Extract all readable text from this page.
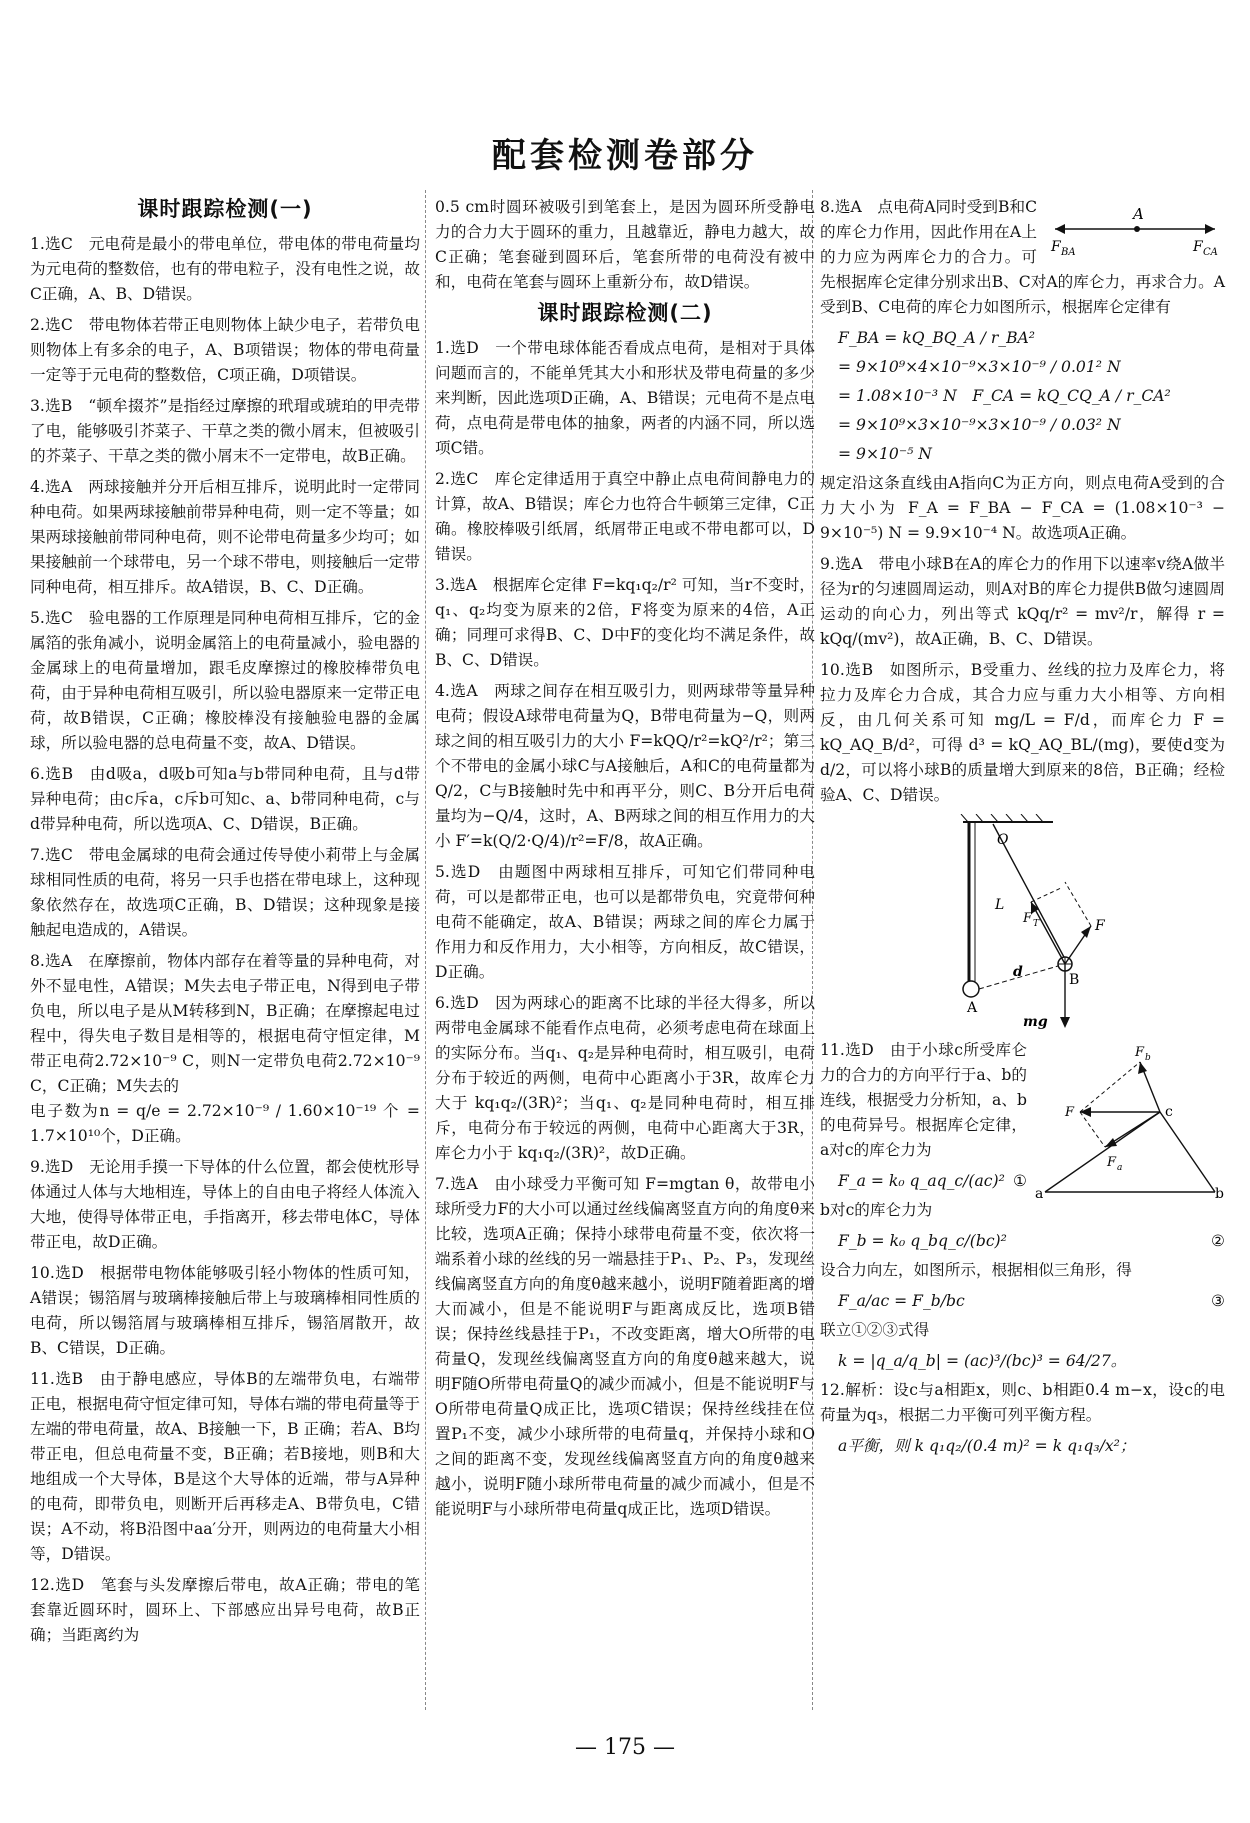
配套检测卷部分
课时跟踪检测(一)

1.选C　元电荷是最小的带电单位，带电体的带电荷量均为元电荷的整数倍，也有的带电粒子，没有电性之说，故C正确，A、B、D错误。

2.选C　带电物体若带正电则物体上缺少电子，若带负电则物体上有多余的电子，A、B项错误；物体的带电荷量一定等于元电荷的整数倍，C项正确，D项错误。

3.选B　“顿牟掇芥”是指经过摩擦的玳瑁或琥珀的甲壳带了电，能够吸引芥菜子、干草之类的微小屑末，但被吸引的芥菜子、干草之类的微小屑末不一定带电，故B正确。

4.选A　两球接触并分开后相互排斥，说明此时一定带同种电荷。如果两球接触前带异种电荷，则一定不等量；如果两球接触前带同种电荷，则不论带电荷量多少均可；如果接触前一个球带电，另一个球不带电，则接触后一定带同种电荷，相互排斥。故A错误，B、C、D正确。

5.选C　验电器的工作原理是同种电荷相互排斥，它的金属箔的张角减小，说明金属箔上的电荷量减小，验电器的金属球上的电荷量增加，跟毛皮摩擦过的橡胶棒带负电荷，由于异种电荷相互吸引，所以验电器原来一定带正电荷，故B错误，C正确；橡胶棒没有接触验电器的金属球，所以验电器的总电荷量不变，故A、D错误。

6.选B　由d吸a，d吸b可知a与b带同种电荷，且与d带异种电荷；由c斥a，c斥b可知c、a、b带同种电荷，c与d带异种电荷，所以选项A、C、D错误，B正确。

7.选C　带电金属球的电荷会通过传导使小莉带上与金属球相同性质的电荷，将另一只手也搭在带电球上，这种现象依然存在，故选项C正确，B、D错误；这种现象是接触起电造成的，A错误。

8.选A　在摩擦前，物体内部存在着等量的异种电荷，对外不显电性，A错误；M失去电子带正电，N得到电子带负电，所以电子是从M转移到N，B正确；在摩擦起电过程中，得失电子数目是相等的，根据电荷守恒定律，M带正电荷2.72×10⁻⁹ C，则N一定带负电荷2.72×10⁻⁹ C，C正确；M失去的

电子数为n = q/e = 2.72×10⁻⁹ / 1.60×10⁻¹⁹ 个 = 1.7×10¹⁰个，D正确。

9.选D　无论用手摸一下导体的什么位置，都会使枕形导体通过人体与大地相连，导体上的自由电子将经人体流入大地，使得导体带正电，手指离开，移去带电体C，导体带正电，故D正确。

10.选D　根据带电物体能够吸引轻小物体的性质可知，A错误；锡箔屑与玻璃棒接触后带上与玻璃棒相同性质的电荷，所以锡箔屑与玻璃棒相互排斥，锡箔屑散开，故B、C错误，D正确。

11.选B　由于静电感应，导体B的左端带负电，右端带正电，根据电荷守恒定律可知，导体右端的带电荷量等于左端的带电荷量，故A、B接触一下，B 正确；若A、B均带正电，但总电荷量不变，B正确；若B接地，则B和大地组成一个大导体，B是这个大导体的近端，带与A异种的电荷，即带负电，则断开后再移走A、B带负电，C错误；A不动，将B沿图中aa′分开，则两边的电荷量大小相等，D错误。

12.选D　笔套与头发摩擦后带电，故A正确；带电的笔套靠近圆环时，圆环上、下部感应出异号电荷，故B正确；当距离约为

0.5 cm时圆环被吸引到笔套上，是因为圆环所受静电力的合力大于圆环的重力，且越靠近，静电力越大，故C正确；笔套碰到圆环后，笔套所带的电荷没有被中和，电荷在笔套与圆环上重新分布，故D错误。

课时跟踪检测(二)

1.选D　一个带电球体能否看成点电荷，是相对于具体问题而言的，不能单凭其大小和形状及带电荷量的多少来判断，因此选项D正确，A、B错误；元电荷不是点电荷，点电荷是带电体的抽象，两者的内涵不同，所以选项C错。

2.选C　库仑定律适用于真空中静止点电荷间静电力的计算，故A、B错误；库仑力也符合牛顿第三定律，C正确。橡胶棒吸引纸屑，纸屑带正电或不带电都可以，D错误。

3.选A　根据库仑定律 F=kq₁q₂/r² 可知，当r不变时，q₁、q₂均变为原来的2倍，F将变为原来的4倍，A正确；同理可求得B、C、D中F的变化均不满足条件，故B、C、D错误。

4.选A　两球之间存在相互吸引力，则两球带等量异种电荷；假设A球带电荷量为Q，B带电荷量为−Q，则两球之间的相互吸引力的大小 F=kQQ/r²=kQ²/r²；第三个不带电的金属小球C与A接触后，A和C的电荷量都为Q/2，C与B接触时先中和再平分，则C、B分开后电荷量均为−Q/4，这时，A、B两球之间的相互作用力的大小 F′=k(Q/2·Q/4)/r²=F/8，故A正确。

5.选D　由题图中两球相互排斥，可知它们带同种电荷，可以是都带正电，也可以是都带负电，究竟带何种电荷不能确定，故A、B错误；两球之间的库仑力属于作用力和反作用力，大小相等，方向相反，故C错误，D正确。

6.选D　因为两球心的距离不比球的半径大得多，所以两带电金属球不能看作点电荷，必须考虑电荷在球面上的实际分布。当q₁、q₂是异种电荷时，相互吸引，电荷分布于较近的两侧，电荷中心距离小于3R，故库仑力大于 kq₁q₂/(3R)²；当q₁、q₂是同种电荷时，相互排斥，电荷分布于较远的两侧，电荷中心距离大于3R，库仑力小于 kq₁q₂/(3R)²，故D正确。

7.选A　由小球受力平衡可知 F=mgtan θ，故带电小球所受力F的大小可以通过丝线偏离竖直方向的角度θ来比较，选项A正确；保持小球带电荷量不变，依次将一端系着小球的丝线的另一端悬挂于P₁、P₂、P₃，发现丝线偏离竖直方向的角度θ越来越小，说明F随着距离的增大而减小，但是不能说明F与距离成反比，选项B错误；保持丝线悬挂于P₁，不改变距离，增大O所带的电荷量Q，发现丝线偏离竖直方向的角度θ越来越大，说明F随O所带电荷量Q的减少而减小，但是不能说明F与O所带电荷量Q成正比，选项C错误；保持丝线挂在位置P₁不变，减少小球所带的电荷量q，并保持小球和O之间的距离不变，发现丝线偏离竖直方向的角度θ越来越小，说明F随小球所带电荷量的减少而减小，但是不能说明F与小球所带电荷量q成正比，选项D错误。

A
F BA	F CA

8.选A　点电荷A同时受到B和C的库仑力作用，因此作用在A上的力应为两库仑力的合力。可先根据库仑定律分别求出B、C对A的库仑力，再求合力。A受到B、C电荷的库仑力如图所示，根据库仑定律有

F_BA = kQ_BQ_A / r_BA²
= 9×10⁹×4×10⁻⁹×3×10⁻⁹ / 0.01² N
= 1.08×10⁻³ N　F_CA = kQ_CQ_A / r_CA²
= 9×10⁹×3×10⁻⁹×3×10⁻⁹ / 0.03² N
= 9×10⁻⁵ N

规定沿这条直线由A指向C为正方向，则点电荷A受到的合力大小为 F_A = F_BA − F_CA = (1.08×10⁻³ − 9×10⁻⁵) N = 9.9×10⁻⁴ N。故选项A正确。

9.选A　带电小球B在A的库仑力的作用下以速率v绕A做半径为r的匀速圆周运动，则A对B的库仑力提供B做匀速圆周运动的向心力，列出等式 kQq/r² = mv²/r，解得 r = kQq/(mv²)，故A正确，B、C、D错误。

10.选B　如图所示，B受重力、丝线的拉力及库仑力，将拉力及库仑力合成，其合力应与重力大小相等、方向相反，由几何关系可知 mg/L = F/d，而库仑力 F = kQ_AQ_B/d²，可得 d³ = kQ_AQ_BL/(mg)，要使d变为 d/2，可以将小球B的质量增大到原来的8倍，B正确；经检验A、C、D错误。

O
L
F T	F
B
d
A
mg
F b
F	c
F a
a	b

11.选D　由于小球c所受库仑力的合力的方向平行于a、b的连线，根据受力分析知，a、b的电荷异号。根据库仑定律，a对c的库仑力为

F_a = k₀ q_aq_c/(ac)² ①

b对c的库仑力为

F_b = k₀ q_bq_c/(bc)²	②

设合力向左，如图所示，根据相似三角形，得

F_a/ac = F_b/bc	③

联立①②③式得

k = |q_a/q_b| = (ac)³/(bc)³ = 64/27。

12.解析：设c与a相距x，则c、b相距0.4 m−x，设c的电荷量为q₃，根据二力平衡可列平衡方程。

a平衡，则 k q₁q₂/(0.4 m)² = k q₁q₃/x²；
— 175 —
